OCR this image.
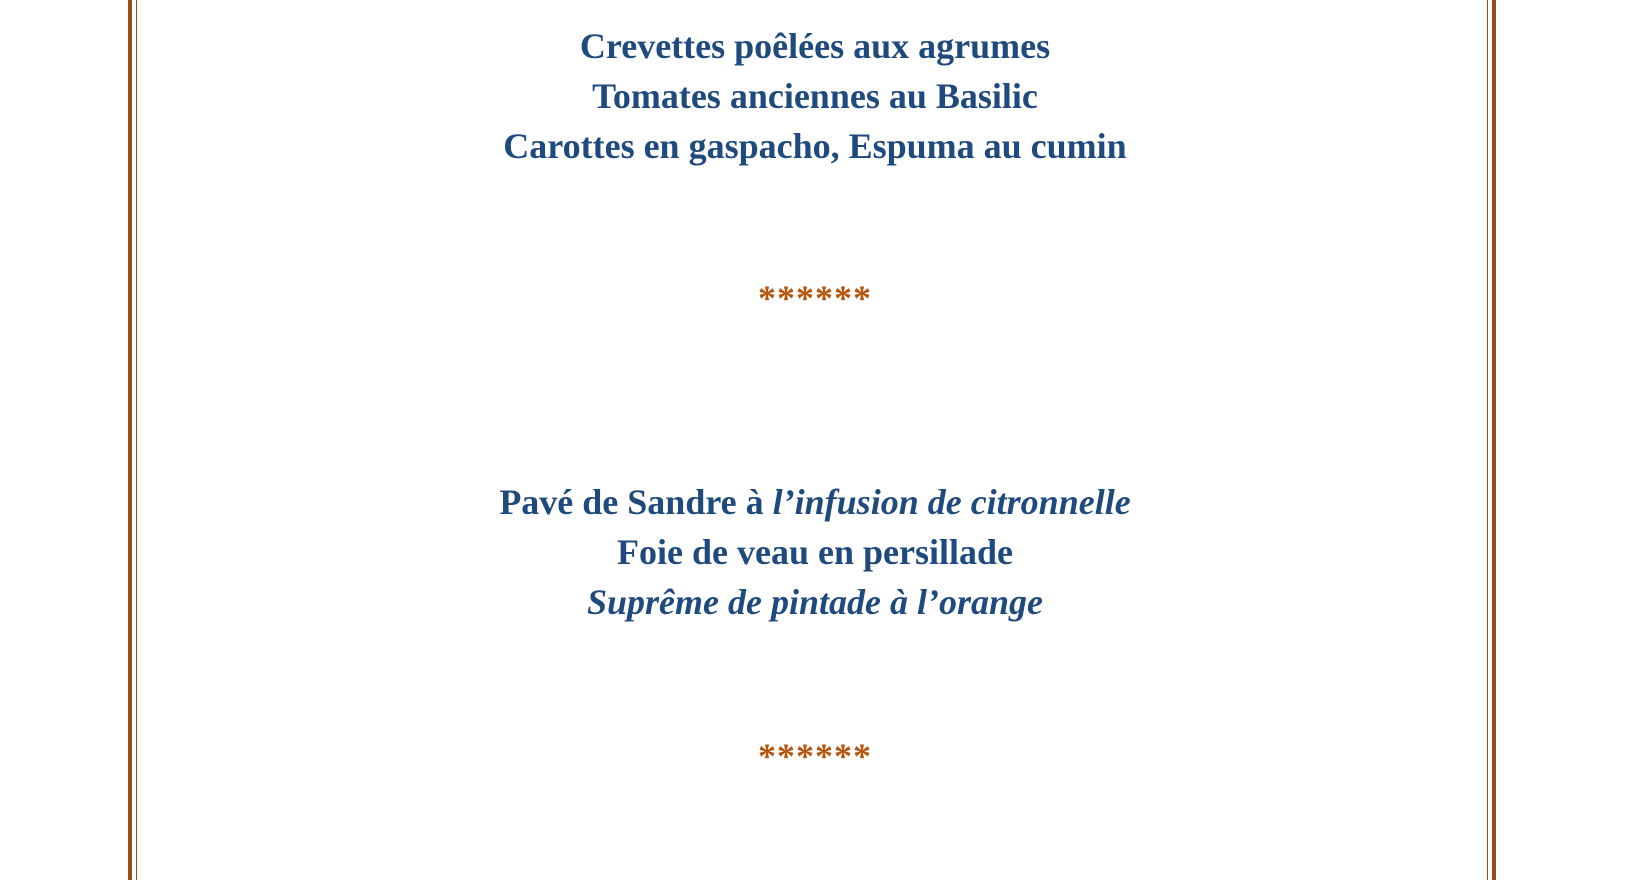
Crevettes poêlées aux agrumes
Tomates anciennes au Basilic
Carottes en gaspacho, Espuma au cumin
******
Pavé de Sandre à l’infusion de citronnelle
Foie de veau en persillade
Suprême de pintade à l’orange
******
